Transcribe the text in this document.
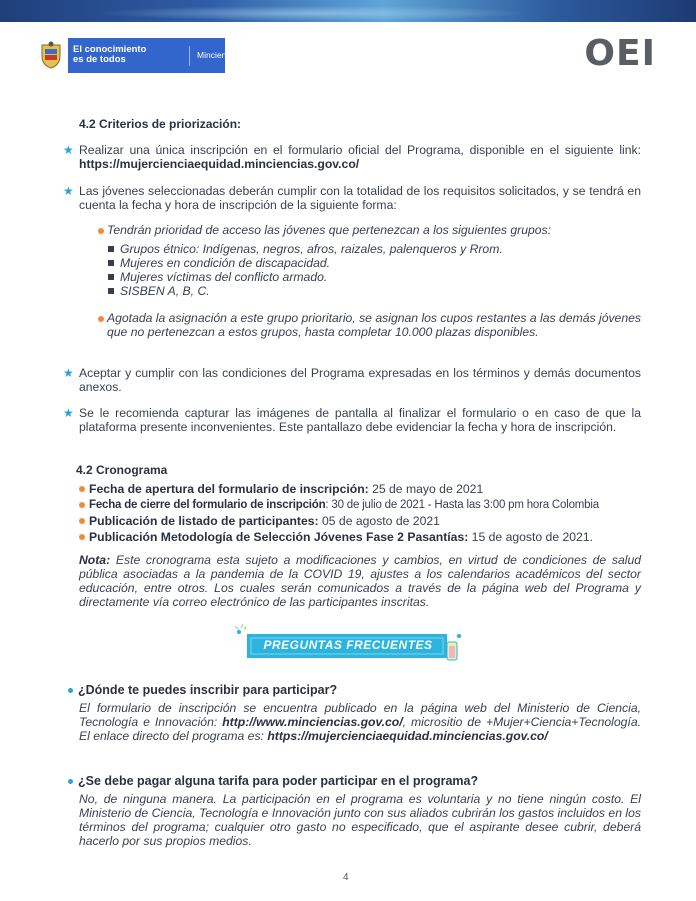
El conocimiento
es de todos	Minciencias	OEI
4.2 Criterios de priorización:
★ Realizar una única inscripción en el formulario oficial del Programa, disponible en el siguiente link: https://mujercienciaequidad.minciencias.gov.co/
★ Las jóvenes seleccionadas deberán cumplir con la totalidad de los requisitos solicitados, y se tendrá en cuenta la fecha y hora de inscripción de la siguiente forma:
Tendrán prioridad de acceso las jóvenes que pertenezcan a los siguientes grupos:
Grupos étnico: Indígenas, negros, afros, raizales, palenqueros y Rrom.
Mujeres en condición de discapacidad.
Mujeres víctimas del conflicto armado.
SISBEN A, B, C.
Agotada la asignación a este grupo prioritario, se asignan los cupos restantes a las demás jóvenes que no pertenezcan a estos grupos, hasta completar 10.000 plazas disponibles.
★ Aceptar y cumplir con las condiciones del Programa expresadas en los términos y demás documentos anexos.
★ Se le recomienda capturar las imágenes de pantalla al finalizar el formulario o en caso de que la plataforma presente inconvenientes. Este pantallazo debe evidenciar la fecha y hora de inscripción.
4.2 Cronograma
Fecha de apertura del formulario de inscripción: 25 de mayo de 2021
Fecha de cierre del formulario de inscripción: 30 de julio de 2021 - Hasta las 3:00 pm hora Colombia
Publicación de listado de participantes: 05 de agosto de 2021
Publicación Metodología de Selección Jóvenes Fase 2 Pasantías: 15 de agosto de 2021.
Nota: Este cronograma esta sujeto a modificaciones y cambios, en virtud de condiciones de salud pública asociadas a la pandemia de la COVID 19, ajustes a los calendarios académicos del sector educación, entre otros. Los cuales serán comunicados a través de la página web del Programa y directamente vía correo electrónico de las participantes inscritas.
PREGUNTAS FRECUENTES
¿Dónde te puedes inscribir para participar?
El formulario de inscripción se encuentra publicado en la página web del Ministerio de Ciencia, Tecnología e Innovación: http://www.minciencias.gov.co/, micrositio de +Mujer+Ciencia+Tecnología. El enlace directo del programa es: https://mujercienciaequidad.minciencias.gov.co/
¿Se debe pagar alguna tarifa para poder participar en el programa?
No, de ninguna manera. La participación en el programa es voluntaria y no tiene ningún costo. El Ministerio de Ciencia, Tecnología e Innovación junto con sus aliados cubrirán los gastos incluidos en los términos del programa; cualquier otro gasto no especificado, que el aspirante desee cubrir, deberá hacerlo por sus propios medios.
4
